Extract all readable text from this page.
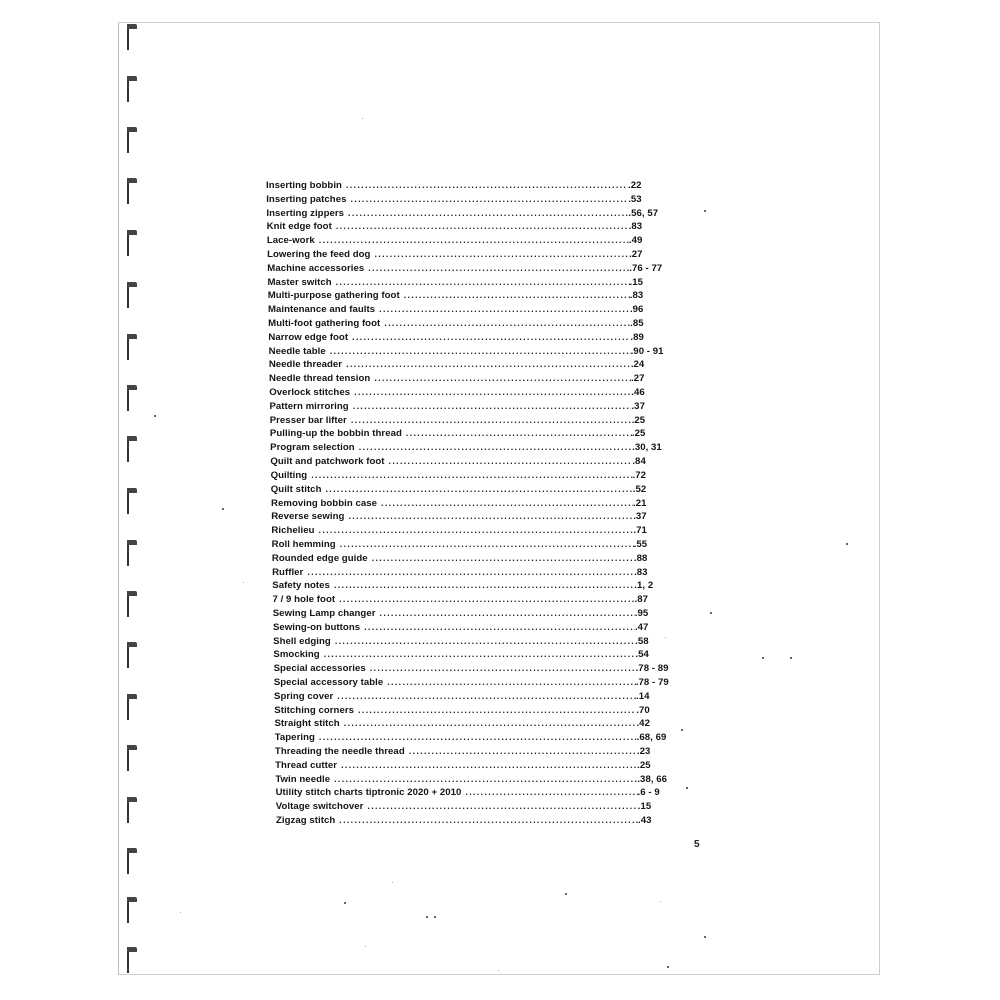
Inserting bobbin . . .	.22
Inserting patches . . .	.53
Inserting zippers . . .	.56, 57
Knit edge foot . . .	.83
Lace-work . . .	.49
Lowering the feed dog . . .	.27
Machine accessories . . .	.76 - 77
Master switch . . .	.15
Multi-purpose gathering foot . . .	.83
Maintenance and faults . . .	.96
Multi-foot gathering foot . . .	.85
Narrow edge foot . . .	.89
Needle table . . .	.90 - 91
Needle threader . . .	.24
Needle thread tension . . .	.27
Overlock stitches . . .	.46
Pattern mirroring . . .	.37
Presser bar lifter . . .	.25
Pulling-up the bobbin thread . . .	.25
Program selection . . .	.30, 31
Quilt and patchwork foot . . .	.84
Quilting . . .	.72
Quilt stitch . . .	.52
Removing bobbin case . . .	.21
Reverse sewing . . .	.37
Richelieu . . .	.71
Roll hemming . . .	.55
Rounded edge guide . . .	.88
Ruffler . . .	.83
Safety notes . . .	.1, 2
7 / 9 hole foot . . .	.87
Sewing Lamp changer . . .	.95
Sewing-on buttons . . .	.47
Shell edging . . .	.58
Smocking . . .	.54
Special accessories . . .	.78 - 89
Special accessory table . . .	.78 - 79
Spring cover . . .	.14
Stitching corners . . .	.70
Straight stitch . . .	.42
Tapering . . .	.68, 69
Threading the needle thread . . .	.23
Thread cutter . . .	.25
Twin needle . . .	.38, 66
Utility stitch charts tiptronic 2020 + 2010 . . .	.6 - 9
Voltage switchover . . .	.15
Zigzag stitch . . .	.43
5
